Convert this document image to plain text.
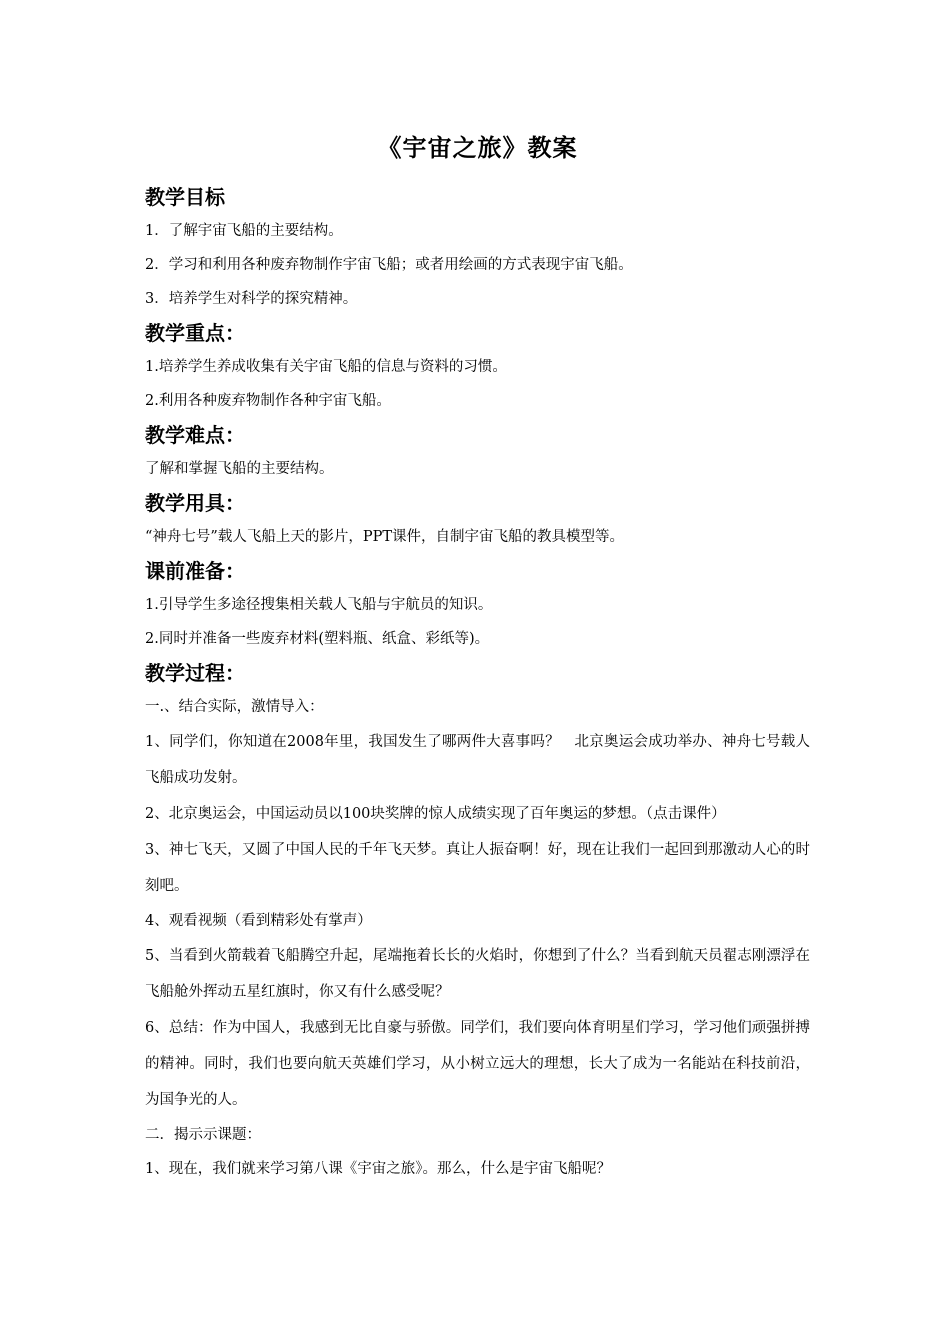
《宇宙之旅》教案
教学目标
1．了解宇宙飞船的主要结构。
2．学习和利用各种废弃物制作宇宙飞船；或者用绘画的方式表现宇宙飞船。
3．培养学生对科学的探究精神。
教学重点：
1.培养学生养成收集有关宇宙飞船的信息与资料的习惯。
2.利用各种废弃物制作各种宇宙飞船。
教学难点：
了解和掌握飞船的主要结构。
教学用具：
“神舟七号”载人飞船上天的影片，PPT课件，自制宇宙飞船的教具模型等。
课前准备：
1.引导学生多途径搜集相关载人飞船与宇航员的知识。
2.同时并准备一些废弃材料(塑料瓶、纸盒、彩纸等)。
教学过程：
一.、结合实际，激情导入：
1、同学们，你知道在2008年里，我国发生了哪两件大喜事吗？　北京奥运会成功举办、神舟七号载人飞船成功发射。
2、北京奥运会，中国运动员以100块奖牌的惊人成绩实现了百年奥运的梦想。（点击课件）
3、神七飞天，又圆了中国人民的千年飞天梦。真让人振奋啊！好，现在让我们一起回到那激动人心的时刻吧。
4、观看视频（看到精彩处有掌声）
5、当看到火箭载着飞船腾空升起，尾端拖着长长的火焰时，你想到了什么？当看到航天员翟志刚漂浮在飞船舱外挥动五星红旗时，你又有什么感受呢？
6、总结：作为中国人，我感到无比自豪与骄傲。同学们，我们要向体育明星们学习，学习他们顽强拼搏的精神。同时，我们也要向航天英雄们学习，从小树立远大的理想，长大了成为一名能站在科技前沿，为国争光的人。
二．揭示示课题：
1、现在，我们就来学习第八课《宇宙之旅》。那么，什么是宇宙飞船呢？
